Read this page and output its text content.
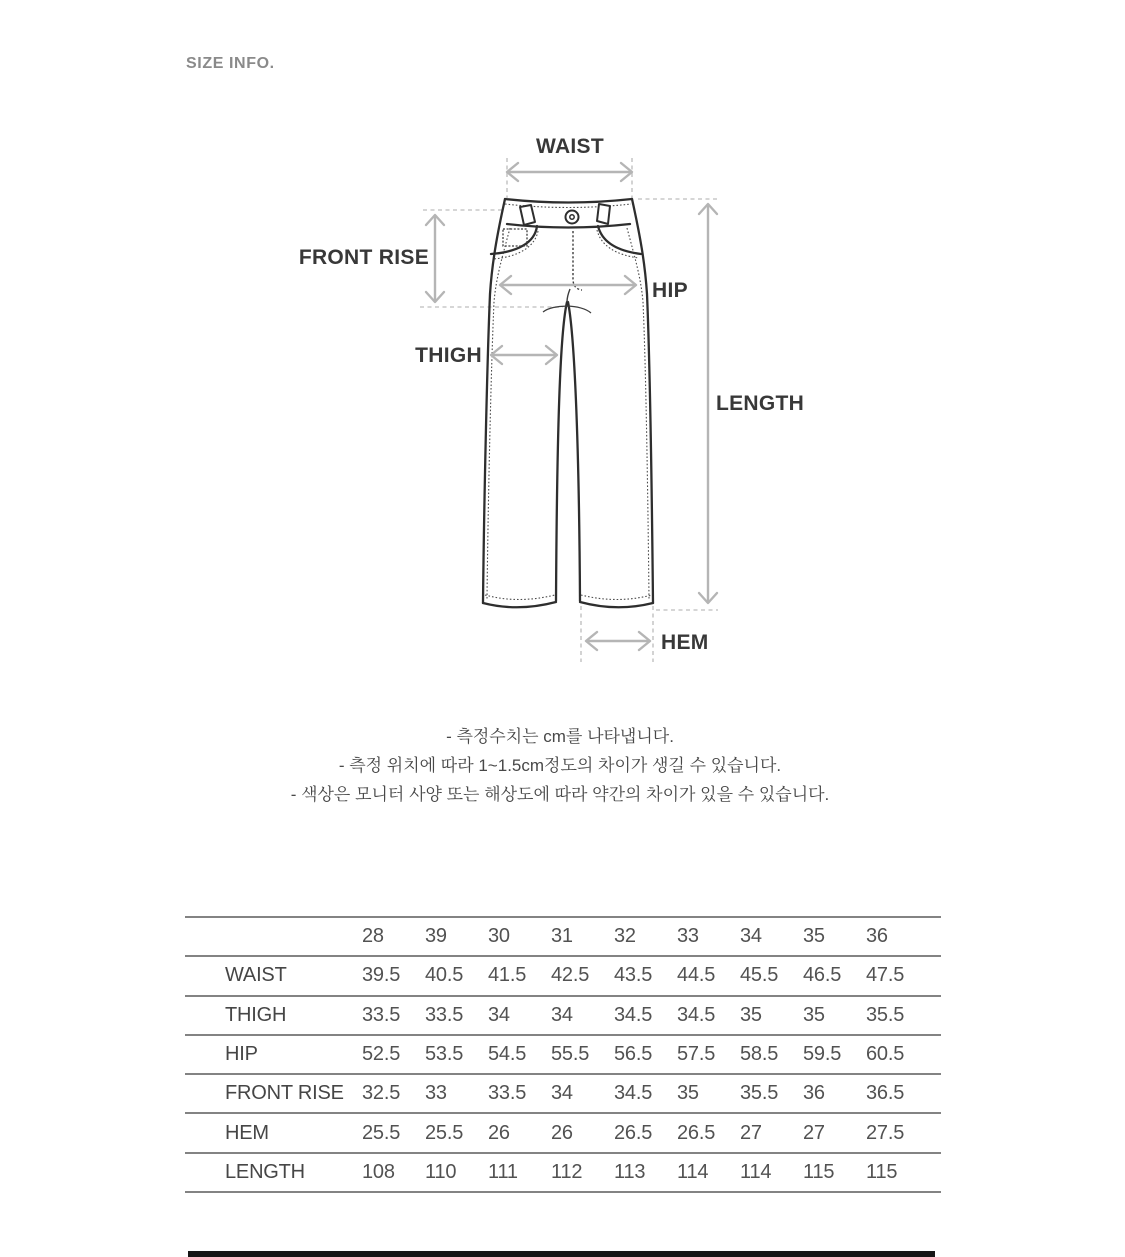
SIZE INFO.
WAIST
FRONT RISE
HIP
THIGH
LENGTH
HEM
- 측정수치는 cm를 나타냅니다.
- 측정 위치에 따라 1~1.5cm정도의 차이가 생길 수 있습니다.
- 색상은 모니터 사양 또는 해상도에 따라 약간의 차이가 있을 수 있습니다.
28	39	30	31	32	33	34	35	36
WAIST	39.5	40.5	41.5	42.5	43.5	44.5	45.5	46.5	47.5
THIGH	33.5	33.5	34	34	34.5	34.5	35	35	35.5
HIP	52.5	53.5	54.5	55.5	56.5	57.5	58.5	59.5	60.5
FRONT RISE 32.5	33	33.5	34	34.5	35	35.5	36	36.5
HEM	25.5	25.5	26	26	26.5	26.5	27	27	27.5
LENGTH	108	110	111	112	113	114	114	115	115
